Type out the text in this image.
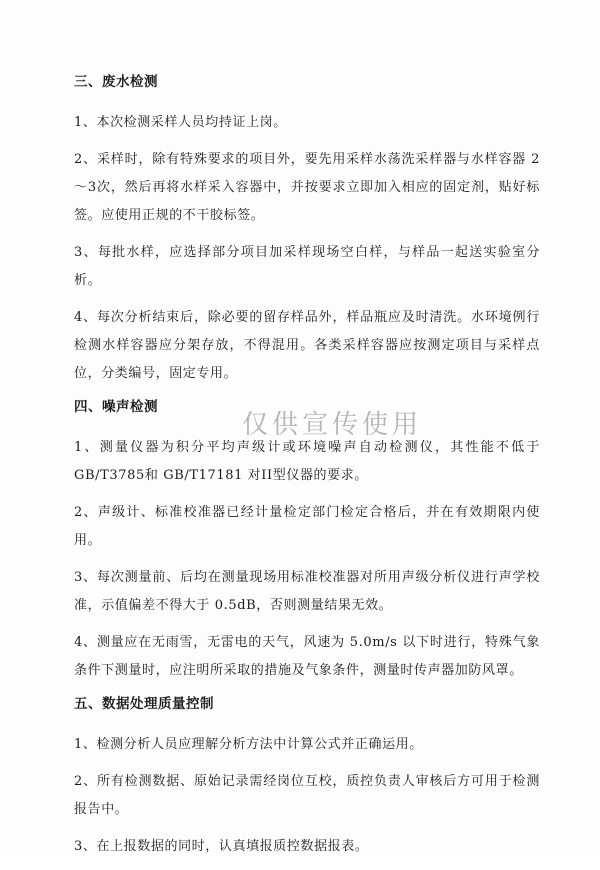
三、废水检测

1、本次检测采样人员均持证上岗。

2、采样时，除有特殊要求的项目外，要先用采样水荡洗采样器与水样容器 2～3次，然后再将水样采入容器中，并按要求立即加入相应的固定剂，贴好标签。应使用正规的不干胶标签。

3、每批水样，应选择部分项目加采样现场空白样，与样品一起送实验室分析。

4、每次分析结束后，除必要的留存样品外，样品瓶应及时清洗。水环境例行检测水样容器应分架存放，不得混用。各类采样容器应按测定项目与采样点位，分类编号，固定专用。

四、噪声检测

1、测量仪器为积分平均声级计或环境噪声自动检测仪，其性能不低于 GB/T3785和 GB/T17181 对II型仪器的要求。

2、声级计、标准校准器已经计量检定部门检定合格后，并在有效期限内使用。

3、每次测量前、后均在测量现场用标准校准器对所用声级分析仪进行声学校准，示值偏差不得大于 0.5dB，否则测量结果无效。

4、测量应在无雨雪，无雷电的天气，风速为 5.0m/s 以下时进行，特殊气象条件下测量时，应注明所采取的措施及气象条件，测量时传声器加防风罩。

五、数据处理质量控制

1、检测分析人员应理解分析方法中计算公式并正确运用。

2、所有检测数据、原始记录需经岗位互校，质控负责人审核后方可用于检测报告中。

3、在上报数据的同时，认真填报质控数据报表。

仅供宣传使用
